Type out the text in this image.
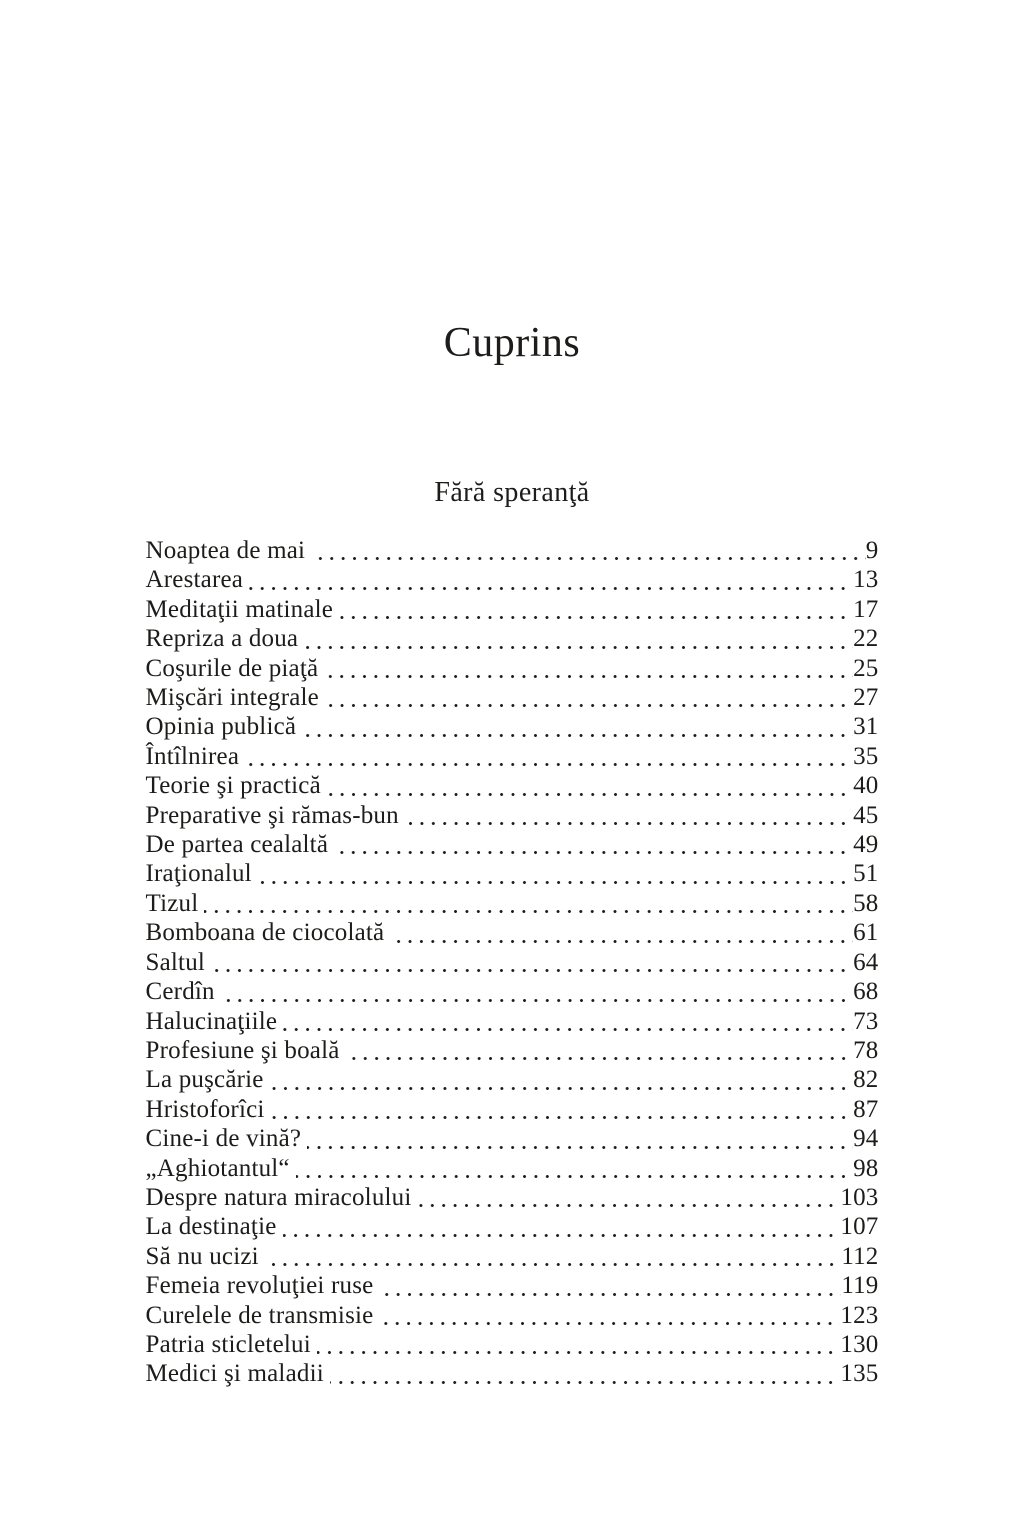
Cuprins
Fără speranţă
Noaptea de mai	9
Arestarea	13
Meditaţii matinale	17
Repriza a doua	22
Coşurile de piaţă	25
Mişcări integrale	27
Opinia publică	31
Întîlnirea	35
Teorie şi practică	40
Preparative şi rămas-bun	45
De partea cealaltă	49
Iraţionalul	51
Tizul	58
Bomboana de ciocolată	61
Saltul	64
Cerdîn	68
Halucinaţiile	73
Profesiune şi boală	78
La puşcărie	82
Hristoforîci	87
Cine-i de vină?	94
„Aghiotantul“	98
Despre natura miracolului	103
La destinaţie	107
Să nu ucizi	112
Femeia revoluţiei ruse	119
Curelele de transmisie	123
Patria sticletelui	130
Medici şi maladii	135
